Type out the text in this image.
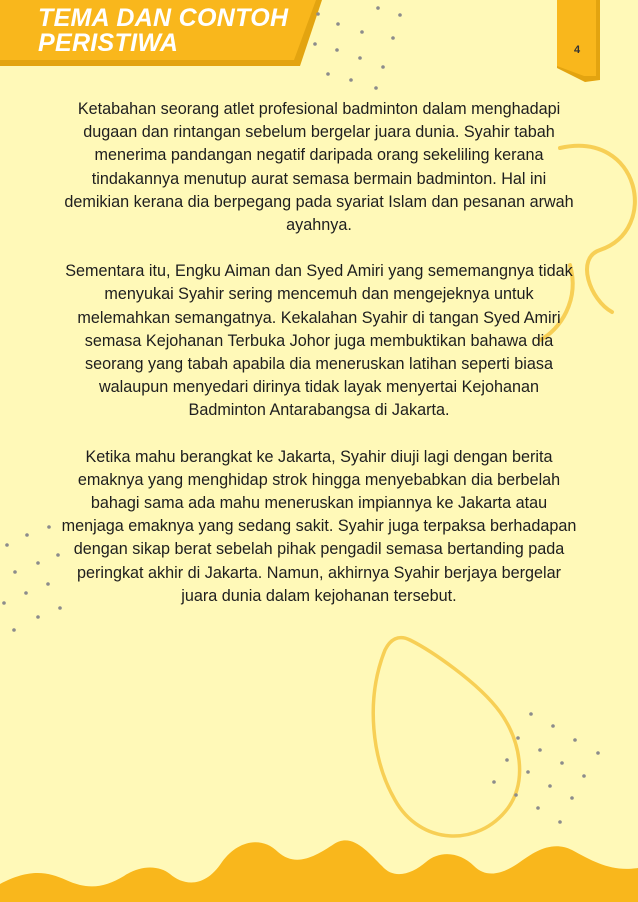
TEMA DAN CONTOH
PERISTIWA	4

Ketabahan seorang atlet profesional badminton dalam menghadapi dugaan dan rintangan sebelum bergelar juara dunia. Syahir tabah menerima pandangan negatif daripada orang sekeliling kerana tindakannya menutup aurat semasa bermain badminton. Hal ini demikian kerana dia berpegang pada syariat Islam dan pesanan arwah ayahnya.

Sementara itu, Engku Aiman dan Syed Amiri yang sememangnya tidak menyukai Syahir sering mencemuh dan mengejeknya untuk melemahkan semangatnya. Kekalahan Syahir di tangan Syed Amiri semasa Kejohanan Terbuka Johor juga membuktikan bahawa dia seorang yang tabah apabila dia meneruskan latihan seperti biasa walaupun menyedari dirinya tidak layak menyertai Kejohanan Badminton Antarabangsa di Jakarta.

Ketika mahu berangkat ke Jakarta, Syahir diuji lagi dengan berita emaknya yang menghidap strok hingga menyebabkan dia berbelah bahagi sama ada mahu meneruskan impiannya ke Jakarta atau menjaga emaknya yang sedang sakit. Syahir juga terpaksa berhadapan dengan sikap berat sebelah pihak pengadil semasa bertanding pada peringkat akhir di Jakarta. Namun, akhirnya Syahir berjaya bergelar juara dunia dalam kejohanan tersebut.
